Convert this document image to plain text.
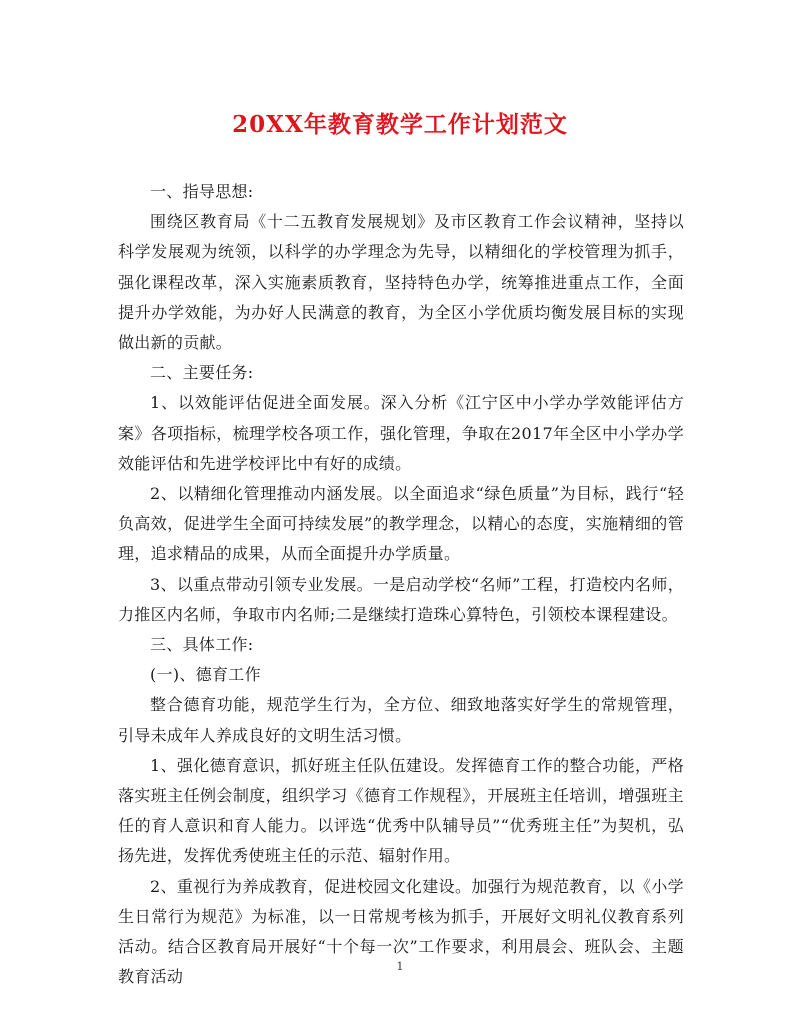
20XX年教育教学工作计划范文

一、指导思想:

围绕区教育局《十二五教育发展规划》及市区教育工作会议精神，坚持以科学发展观为统领，以科学的办学理念为先导，以精细化的学校管理为抓手，强化课程改革，深入实施素质教育，坚持特色办学，统筹推进重点工作，全面提升办学效能，为办好人民满意的教育，为全区小学优质均衡发展目标的实现做出新的贡献。

二、主要任务:

1、以效能评估促进全面发展。深入分析《江宁区中小学办学效能评估方案》各项指标，梳理学校各项工作，强化管理，争取在2017年全区中小学办学效能评估和先进学校评比中有好的成绩。

2、以精细化管理推动内涵发展。以全面追求“绿色质量”为目标，践行“轻负高效，促进学生全面可持续发展”的教学理念，以精心的态度，实施精细的管理，追求精品的成果，从而全面提升办学质量。

3、以重点带动引领专业发展。一是启动学校“名师”工程，打造校内名师，力推区内名师，争取市内名师;二是继续打造珠心算特色，引领校本课程建设。

三、具体工作:

(一)、德育工作

整合德育功能，规范学生行为，全方位、细致地落实好学生的常规管理，引导未成年人养成良好的文明生活习惯。

1、强化德育意识，抓好班主任队伍建设。发挥德育工作的整合功能，严格落实班主任例会制度，组织学习《德育工作规程》，开展班主任培训，增强班主任的育人意识和育人能力。以评选“优秀中队辅导员”“优秀班主任”为契机，弘扬先进，发挥优秀使班主任的示范、辐射作用。

2、重视行为养成教育，促进校园文化建设。加强行为规范教育，以《小学生日常行为规范》为标准，以一日常规考核为抓手，开展好文明礼仪教育系列活动。结合区教育局开展好“十个每一次”工作要求，利用晨会、班队会、主题教育活动

1
